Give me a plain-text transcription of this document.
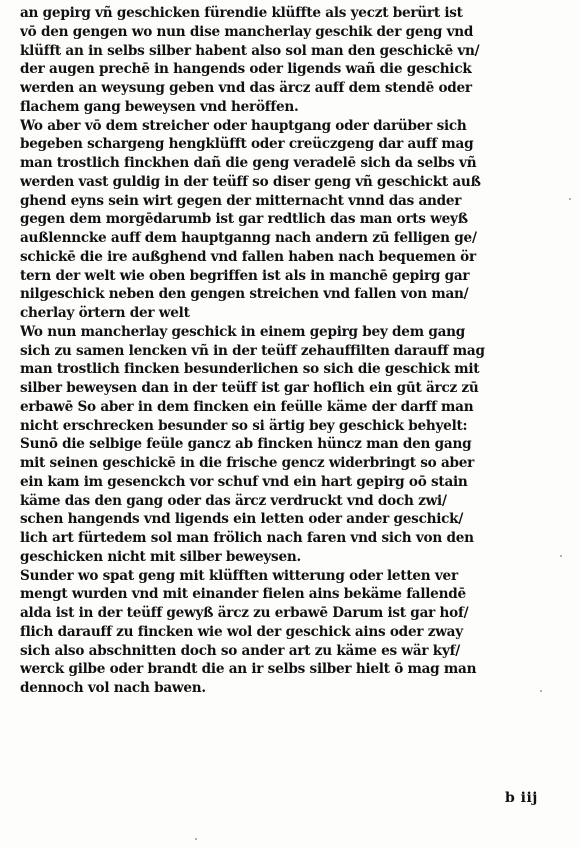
an gepirg vñ geschicken fürendie klüffte als yeczt berürt ist
vō den gengen wo nun dise mancherlay geschik der geng vnd
klüfft an in selbs silber habent also sol man den geschickē vn/
der augen prechē in hangends oder ligends wañ die geschick
werden an weysung geben vnd das ärcz auff dem stendē oder
flachem gang beweysen vnd heröffen.
Wo aber vō dem streicher oder hauptgang oder darüber sich
begeben schargeng hengklüfft oder creüczgeng dar auff mag
man trostlich finckhen dañ die geng veradelē sich da selbs vñ
werden vast guldig in der teüff so diser geng vñ geschickt auß
ghend eyns sein wirt gegen der mitternacht vnnd das ander
gegen dem morgēdarumb ist gar redtlich das man orts weyß
außlenncke auff dem hauptganng nach andern zū felligen ge/
schickē die ire außghend vnd fallen haben nach bequemen ör
tern der welt wie oben begriffen ist als in manchē gepirg gar
nilgeschick neben den gengen streichen vnd fallen von man/
cherlay örtern der welt
Wo nun mancherlay geschick in einem gepirg bey dem gang
sich zu samen lencken vñ in der teüff zehauffilten darauff mag
man trostlich fincken besunderlichen so sich die geschick mit
silber beweysen dan in der teüff ist gar hoflich ein gūt ärcz zū
erbawē So aber in dem fincken ein feülle käme der darff man
nicht erschrecken besunder so si ärtig bey geschick behyelt:
Sunō die selbige feüle gancz ab fincken hüncz man den gang
mit seinen geschickē in die frische gencz widerbringt so aber
ein kam im gesenckch vor schuf vnd ein hart gepirg oō stain
käme das den gang oder das ärcz verdruckt vnd doch zwi/
schen hangends vnd ligends ein letten oder ander geschick/
lich art fürtedem sol man frölich nach faren vnd sich von den
geschicken nicht mit silber beweysen.
Sunder wo spat geng mit klüfften witterung oder letten ver
mengt wurden vnd mit einander fielen ains bekäme fallendē
alda ist in der teüff gewyß ärcz zu erbawē Darum ist gar hof/
flich darauff zu fincken wie wol der geschick ains oder zway
sich also abschnitten doch so ander art zu käme es wär kyf/
werck gilbe oder brandt die an ir selbs silber hielt ō mag man
dennoch vol nach bawen.
b iij
